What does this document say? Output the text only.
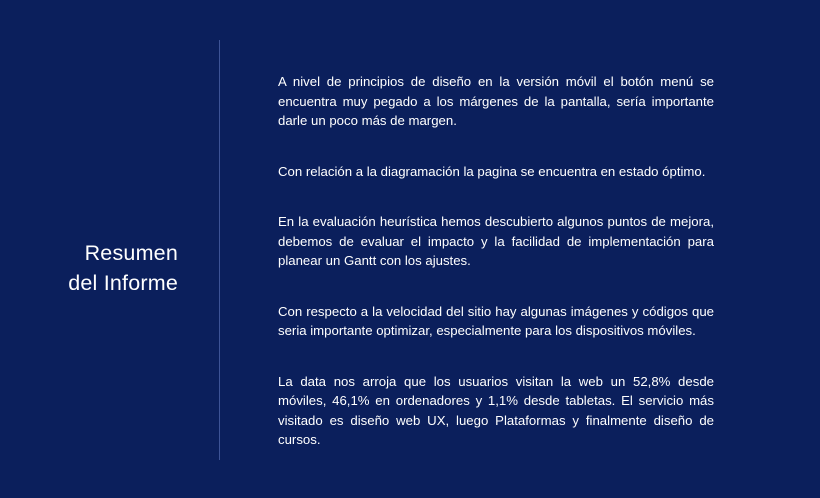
Resumen
del Informe

A nivel de principios de diseño en la versión móvil el botón menú se encuentra muy pegado a los márgenes de la pantalla, sería importante darle un poco más de margen.

Con relación a la diagramación la pagina se encuentra en estado óptimo.

En la evaluación heurística hemos descubierto algunos puntos de mejora, debemos de evaluar el impacto y la facilidad de implementación para planear un Gantt con los ajustes.

Con respecto a la velocidad del sitio hay algunas imágenes y códigos que seria importante optimizar, especialmente para los dispositivos móviles.

La data nos arroja que los usuarios visitan la web un 52,8% desde móviles, 46,1% en ordenadores y 1,1% desde tabletas. El servicio más visitado es diseño web UX, luego Plataformas y finalmente diseño de cursos.
